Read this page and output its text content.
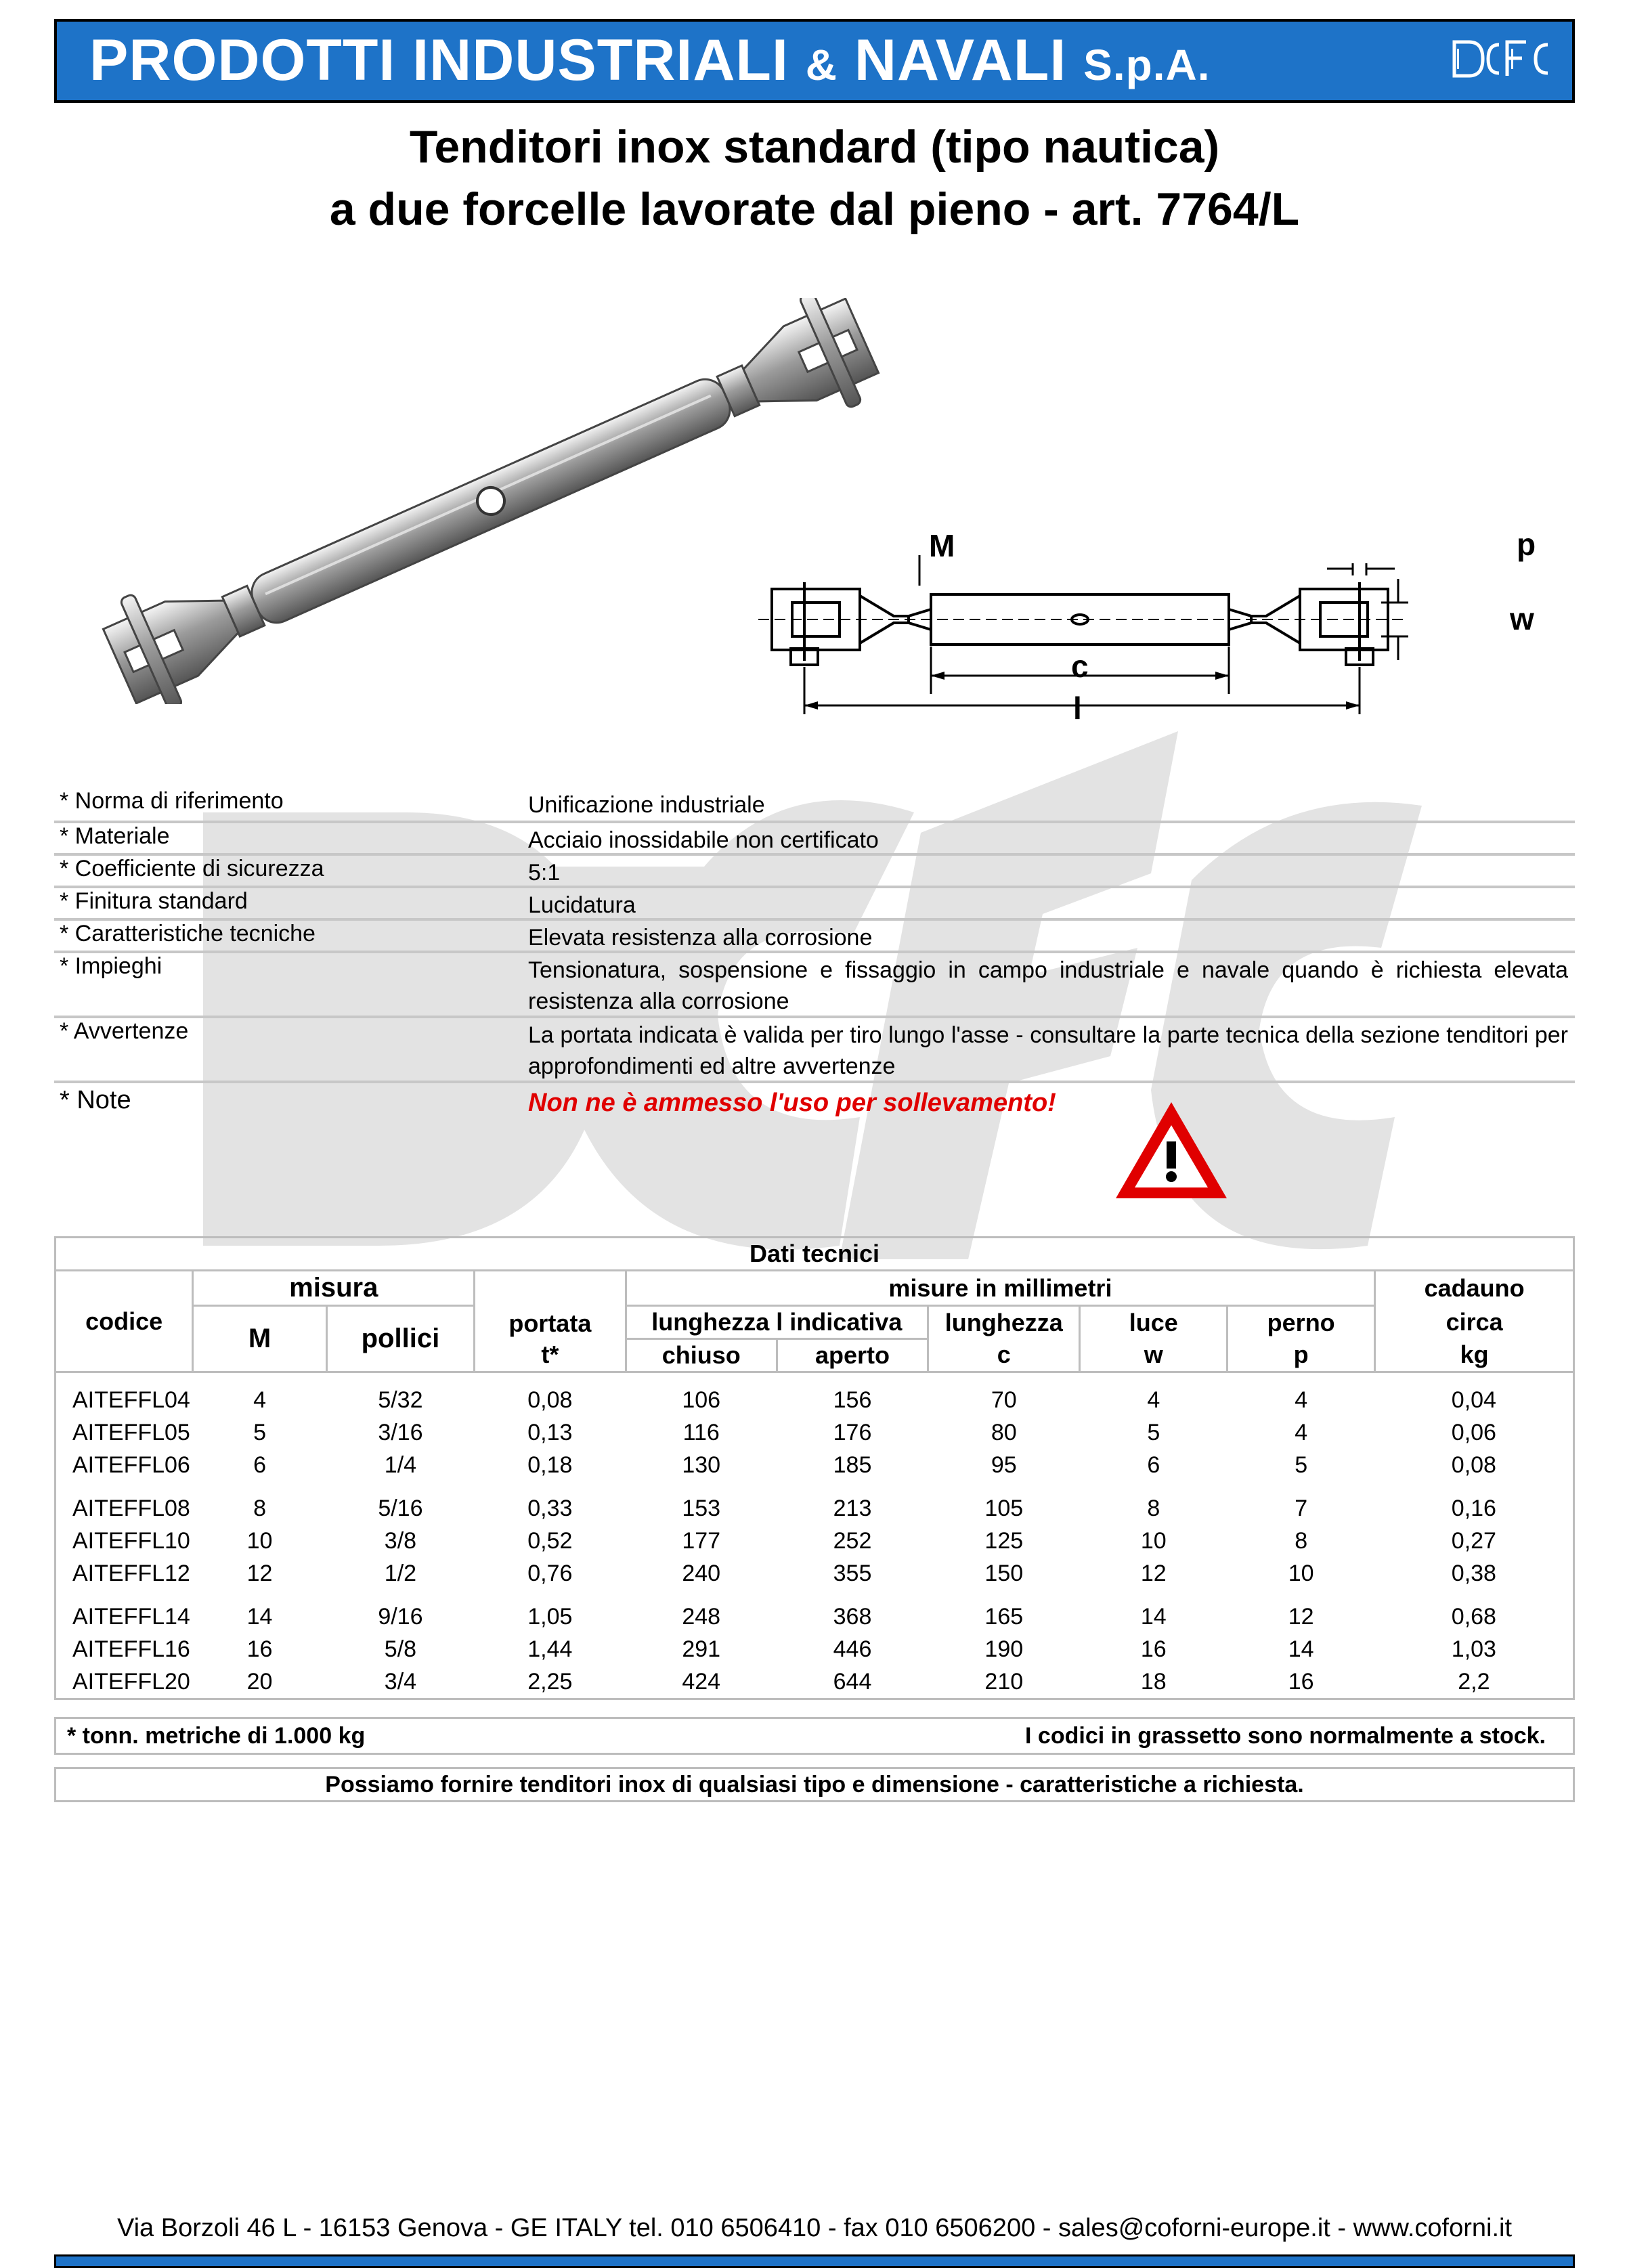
PRODOTTI INDUSTRIALI & NAVALI S.p.A.
Tenditori inox standard (tipo nautica)
a due forcelle lavorate dal pieno - art. 7764/L
M	p
w
c
l
* Norma di riferimento	Unificazione industriale
* Materiale	Acciaio inossidabile non certificato
* Coefficiente di sicurezza	5:1
* Finitura standard	Lucidatura
* Caratteristiche tecniche	Elevata resistenza alla corrosione
* Impieghi	Tensionatura, sospensione e fissaggio in campo industriale e navale quando è richiesta elevata resistenza alla corrosione
* Avvertenze	La portata indicata è valida per tiro lungo l'asse - consultare la parte tecnica della sezione tenditori per approfondimenti ed altre avvertenze
* Note	Non ne è ammesso l'uso per sollevamento!
Dati tecnici									
codice	misura		portata	misure in millimetri					cadauno
	M	pollici		lunghezza l indicativa		lunghezza	luce	perno	circa
			t*	chiuso	aperto	c	w	p	kg

AITEFFL04	4	5/32	0,08	106	156	70	4	4	0,04
AITEFFL05	5	3/16	0,13	116	176	80	5	4	0,06
AITEFFL06	6	1/4	0,18	130	185	95	6	5	0,08

AITEFFL08	8	5/16	0,33	153	213	105	8	7	0,16
AITEFFL10	10	3/8	0,52	177	252	125	10	8	0,27
AITEFFL12	12	1/2	0,76	240	355	150	12	10	0,38

AITEFFL14	14	9/16	1,05	248	368	165	14	12	0,68
AITEFFL16	16	5/8	1,44	291	446	190	16	14	1,03
AITEFFL20	20	3/4	2,25	424	644	210	18	16	2,2
* tonn. metriche di 1.000 kg	I codici in grassetto sono normalmente a stock.
Possiamo fornire tenditori inox di qualsiasi tipo e dimensione - caratteristiche a richiesta.
Via Borzoli 46 L - 16153 Genova - GE ITALY tel. 010 6506410 - fax 010 6506200 - sales@coforni-europe.it - www.coforni.it
